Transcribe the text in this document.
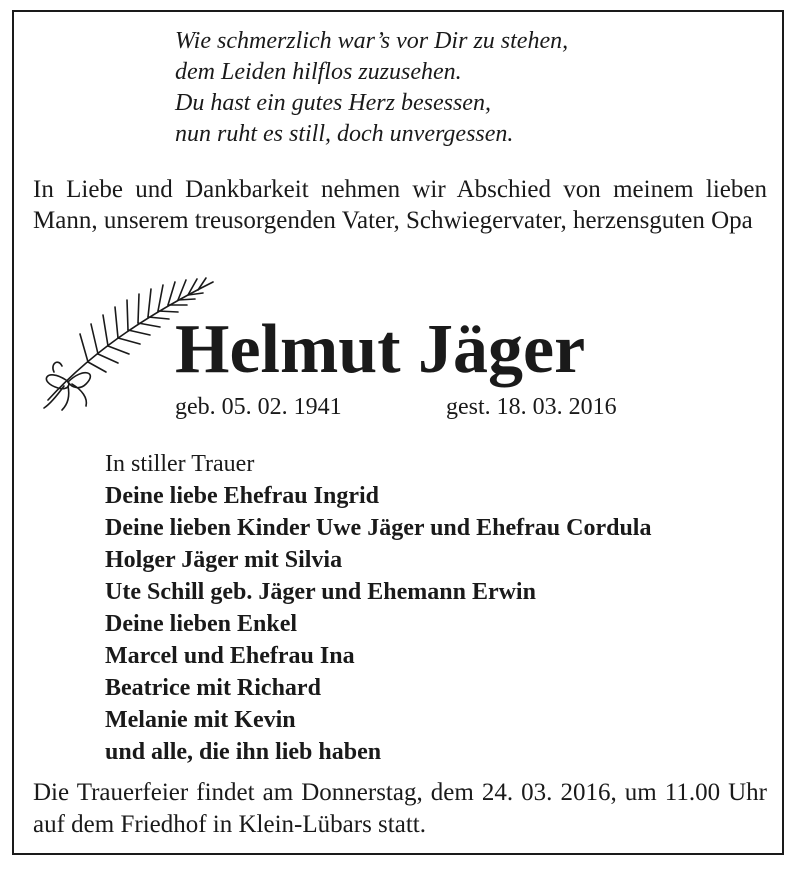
Wie schmerzlich war’s vor Dir zu stehen,
dem Leiden hilflos zuzusehen.
Du hast ein gutes Herz besessen,
nun ruht es still, doch unvergessen.
In Liebe und Dankbarkeit nehmen wir Abschied von meinem lieben Mann, unserem treusorgenden Vater, Schwiegervater, herzensguten Opa
Helmut Jäger
geb. 05. 02. 1941	gest. 18. 03. 2016
In stiller Trauer
Deine liebe Ehefrau Ingrid
Deine lieben Kinder Uwe Jäger und Ehefrau Cordula
Holger Jäger mit Silvia
Ute Schill geb. Jäger und Ehemann Erwin
Deine lieben Enkel
Marcel und Ehefrau Ina
Beatrice mit Richard
Melanie mit Kevin
und alle, die ihn lieb haben
Die Trauerfeier findet am Donnerstag, dem 24. 03. 2016, um 11.00 Uhr auf dem Friedhof in Klein-Lübars statt.
